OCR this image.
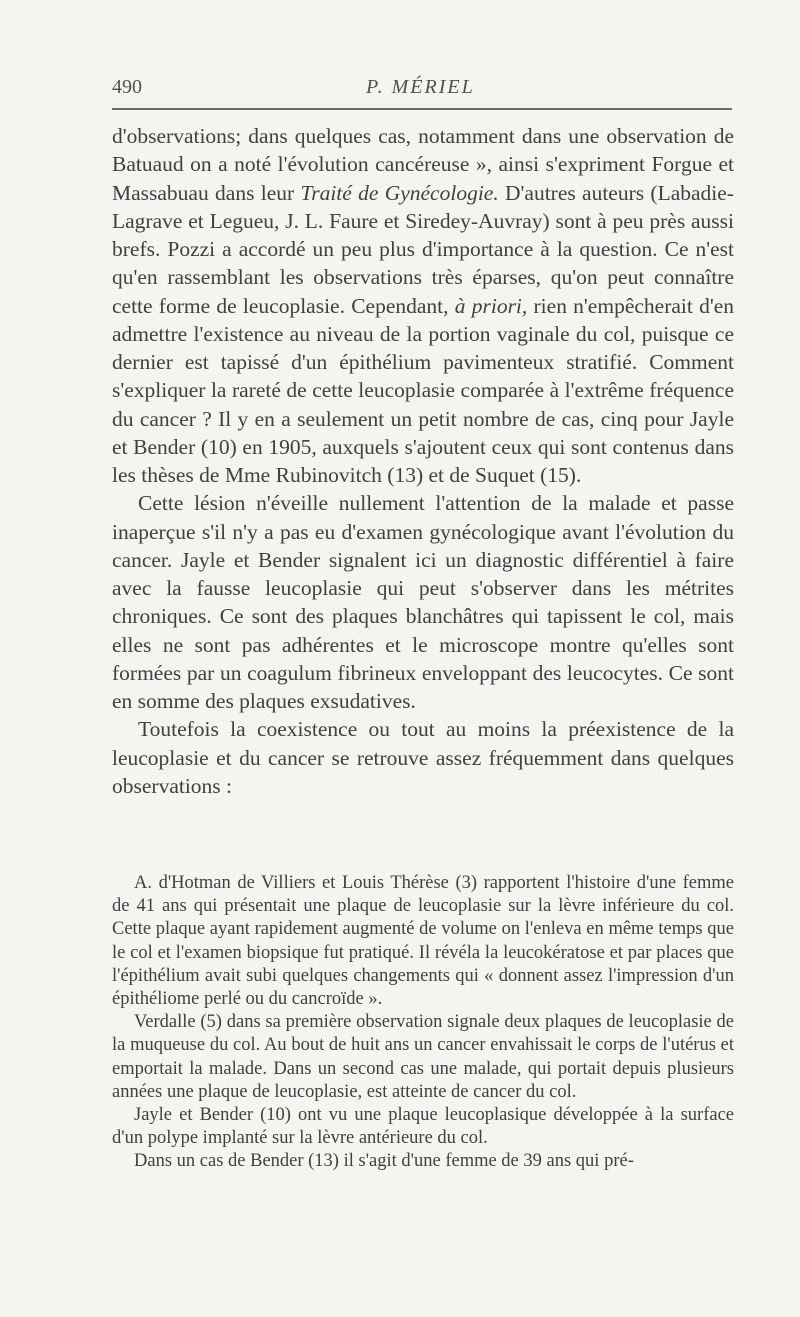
490	P. MÉRIEL

d'observations; dans quelques cas, notamment dans une observation de Batuaud on a noté l'évolution cancéreuse », ainsi s'expriment Forgue et Massabuau dans leur Traité de Gynécologie. D'autres auteurs (Labadie-Lagrave et Legueu, J. L. Faure et Siredey-Auvray) sont à peu près aussi brefs. Pozzi a accordé un peu plus d'importance à la question. Ce n'est qu'en rassemblant les observations très éparses, qu'on peut connaître cette forme de leucoplasie. Cependant, à priori, rien n'empêcherait d'en admettre l'existence au niveau de la portion vaginale du col, puisque ce dernier est tapissé d'un épithélium pavimenteux stratifié. Comment s'expliquer la rareté de cette leucoplasie comparée à l'extrême fréquence du cancer ? Il y en a seulement un petit nombre de cas, cinq pour Jayle et Bender (10) en 1905, auxquels s'ajoutent ceux qui sont contenus dans les thèses de Mme Rubinovitch (13) et de Suquet (15).

Cette lésion n'éveille nullement l'attention de la malade et passe inaperçue s'il n'y a pas eu d'examen gynécologique avant l'évolution du cancer. Jayle et Bender signalent ici un diagnostic différentiel à faire avec la fausse leucoplasie qui peut s'observer dans les métrites chroniques. Ce sont des plaques blanchâtres qui tapissent le col, mais elles ne sont pas adhérentes et le microscope montre qu'elles sont formées par un coagulum fibrineux enveloppant des leucocytes. Ce sont en somme des plaques exsudatives.

Toutefois la coexistence ou tout au moins la préexistence de la leucoplasie et du cancer se retrouve assez fréquemment dans quelques observations :

A. d'Hotman de Villiers et Louis Thérèse (3) rapportent l'histoire d'une femme de 41 ans qui présentait une plaque de leucoplasie sur la lèvre inférieure du col. Cette plaque ayant rapidement augmenté de volume on l'enleva en même temps que le col et l'examen biopsique fut pratiqué. Il révéla la leucokératose et par places que l'épithélium avait subi quelques changements qui « donnent assez l'impression d'un épithéliome perlé ou du cancroïde ».

Verdalle (5) dans sa première observation signale deux plaques de leucoplasie de la muqueuse du col. Au bout de huit ans un cancer envahissait le corps de l'utérus et emportait la malade. Dans un second cas une malade, qui portait depuis plusieurs années une plaque de leucoplasie, est atteinte de cancer du col.

Jayle et Bender (10) ont vu une plaque leucoplasique développée à la surface d'un polype implanté sur la lèvre antérieure du col.

Dans un cas de Bender (13) il s'agit d'une femme de 39 ans qui pré-
